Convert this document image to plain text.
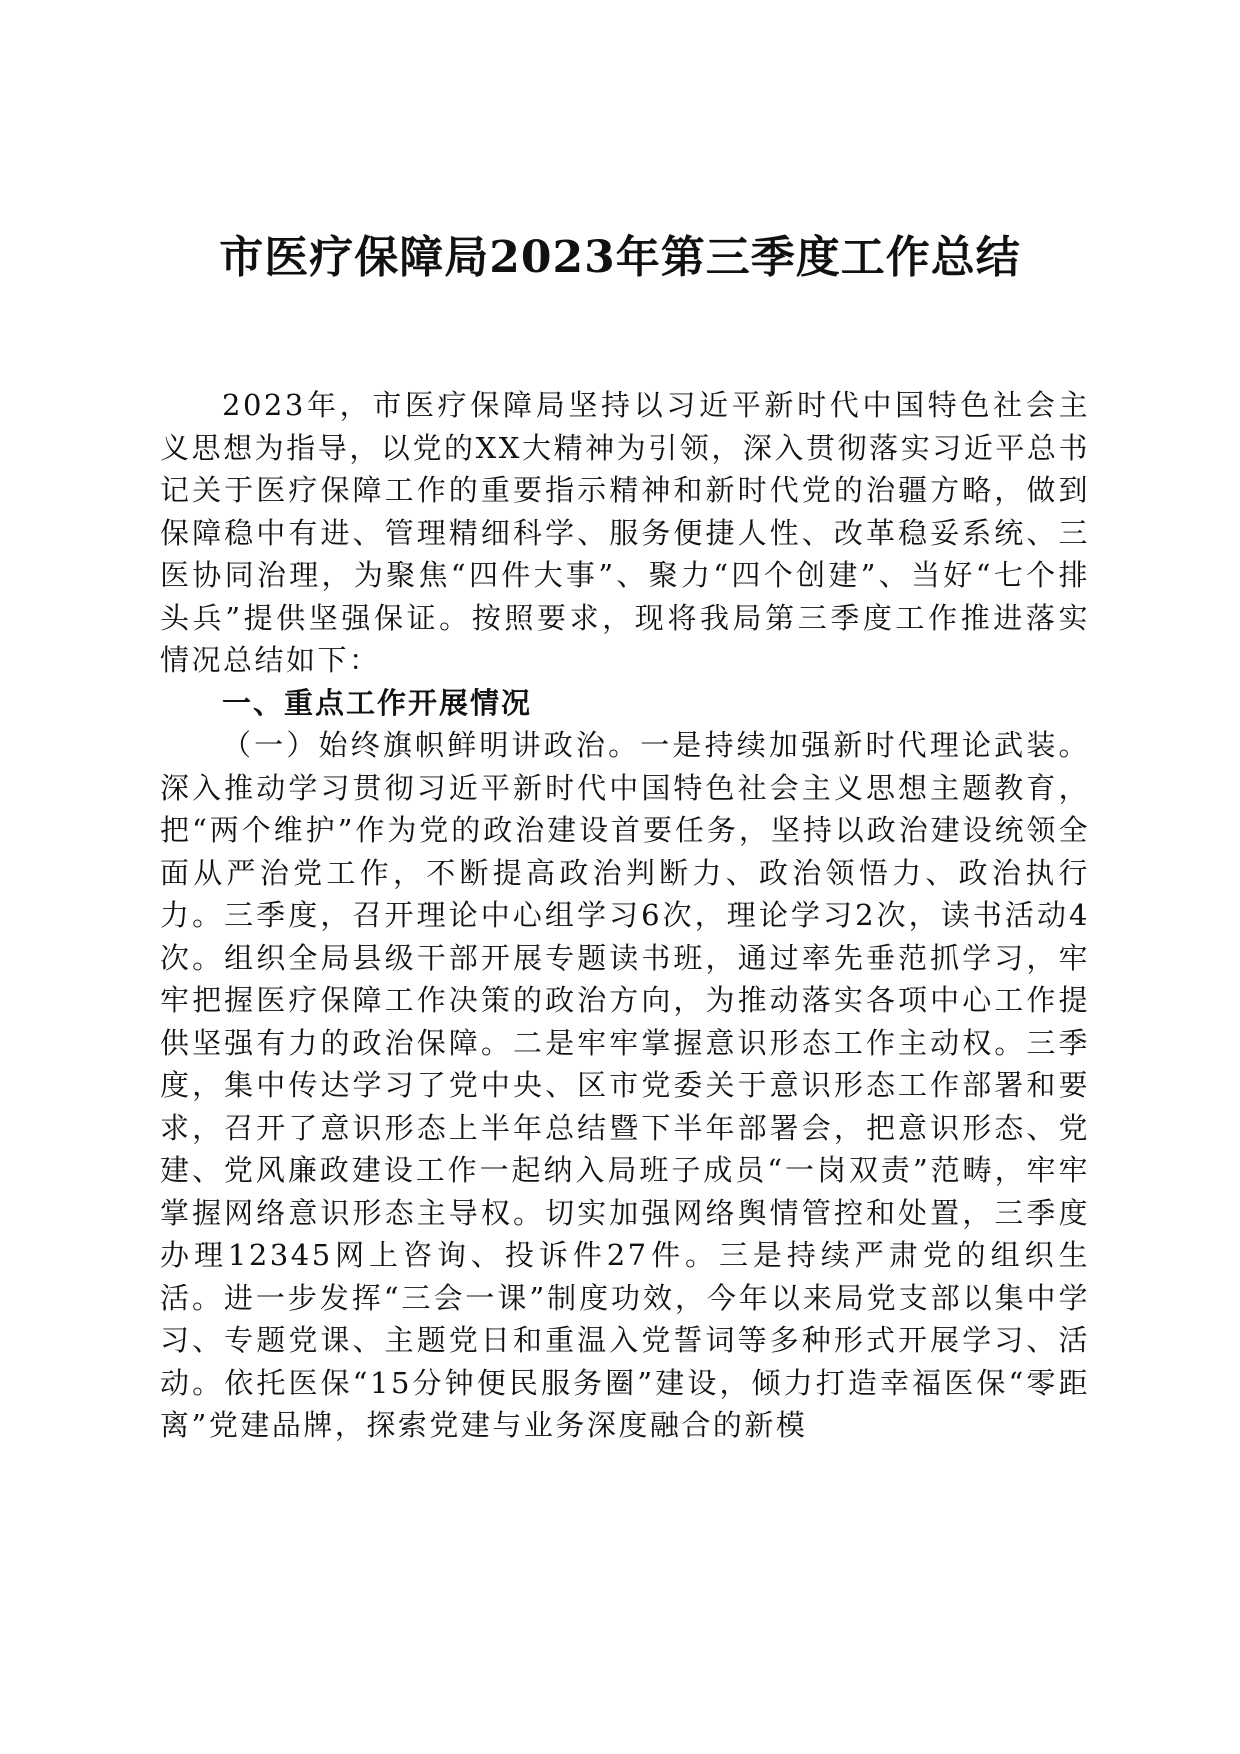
市医疗保障局2023年第三季度工作总结

2023年，市医疗保障局坚持以习近平新时代中国特色社会主义思想为指导，以党的XX大精神为引领，深入贯彻落实习近平总书记关于医疗保障工作的重要指示精神和新时代党的治疆方略，做到保障稳中有进、管理精细科学、服务便捷人性、改革稳妥系统、三医协同治理，为聚焦“四件大事”、聚力“四个创建”、当好“七个排头兵”提供坚强保证。按照要求，现将我局第三季度工作推进落实情况总结如下：

一、重点工作开展情况

（一）始终旗帜鲜明讲政治。一是持续加强新时代理论武装。深入推动学习贯彻习近平新时代中国特色社会主义思想主题教育，把“两个维护”作为党的政治建设首要任务，坚持以政治建设统领全面从严治党工作，不断提高政治判断力、政治领悟力、政治执行力。三季度，召开理论中心组学习6次，理论学习2次，读书活动4次。组织全局县级干部开展专题读书班，通过率先垂范抓学习，牢牢把握医疗保障工作决策的政治方向，为推动落实各项中心工作提供坚强有力的政治保障。二是牢牢掌握意识形态工作主动权。三季度，集中传达学习了党中央、区市党委关于意识形态工作部署和要求，召开了意识形态上半年总结暨下半年部署会，把意识形态、党建、党风廉政建设工作一起纳入局班子成员“一岗双责”范畴，牢牢掌握网络意识形态主导权。切实加强网络舆情管控和处置，三季度办理12345网上咨询、投诉件27件。三是持续严肃党的组织生活。进一步发挥“三会一课”制度功效，今年以来局党支部以集中学习、专题党课、主题党日和重温入党誓词等多种形式开展学习、活动。依托医保“15分钟便民服务圈”建设，倾力打造幸福医保“零距离”党建品牌，探索党建与业务深度融合的新模
